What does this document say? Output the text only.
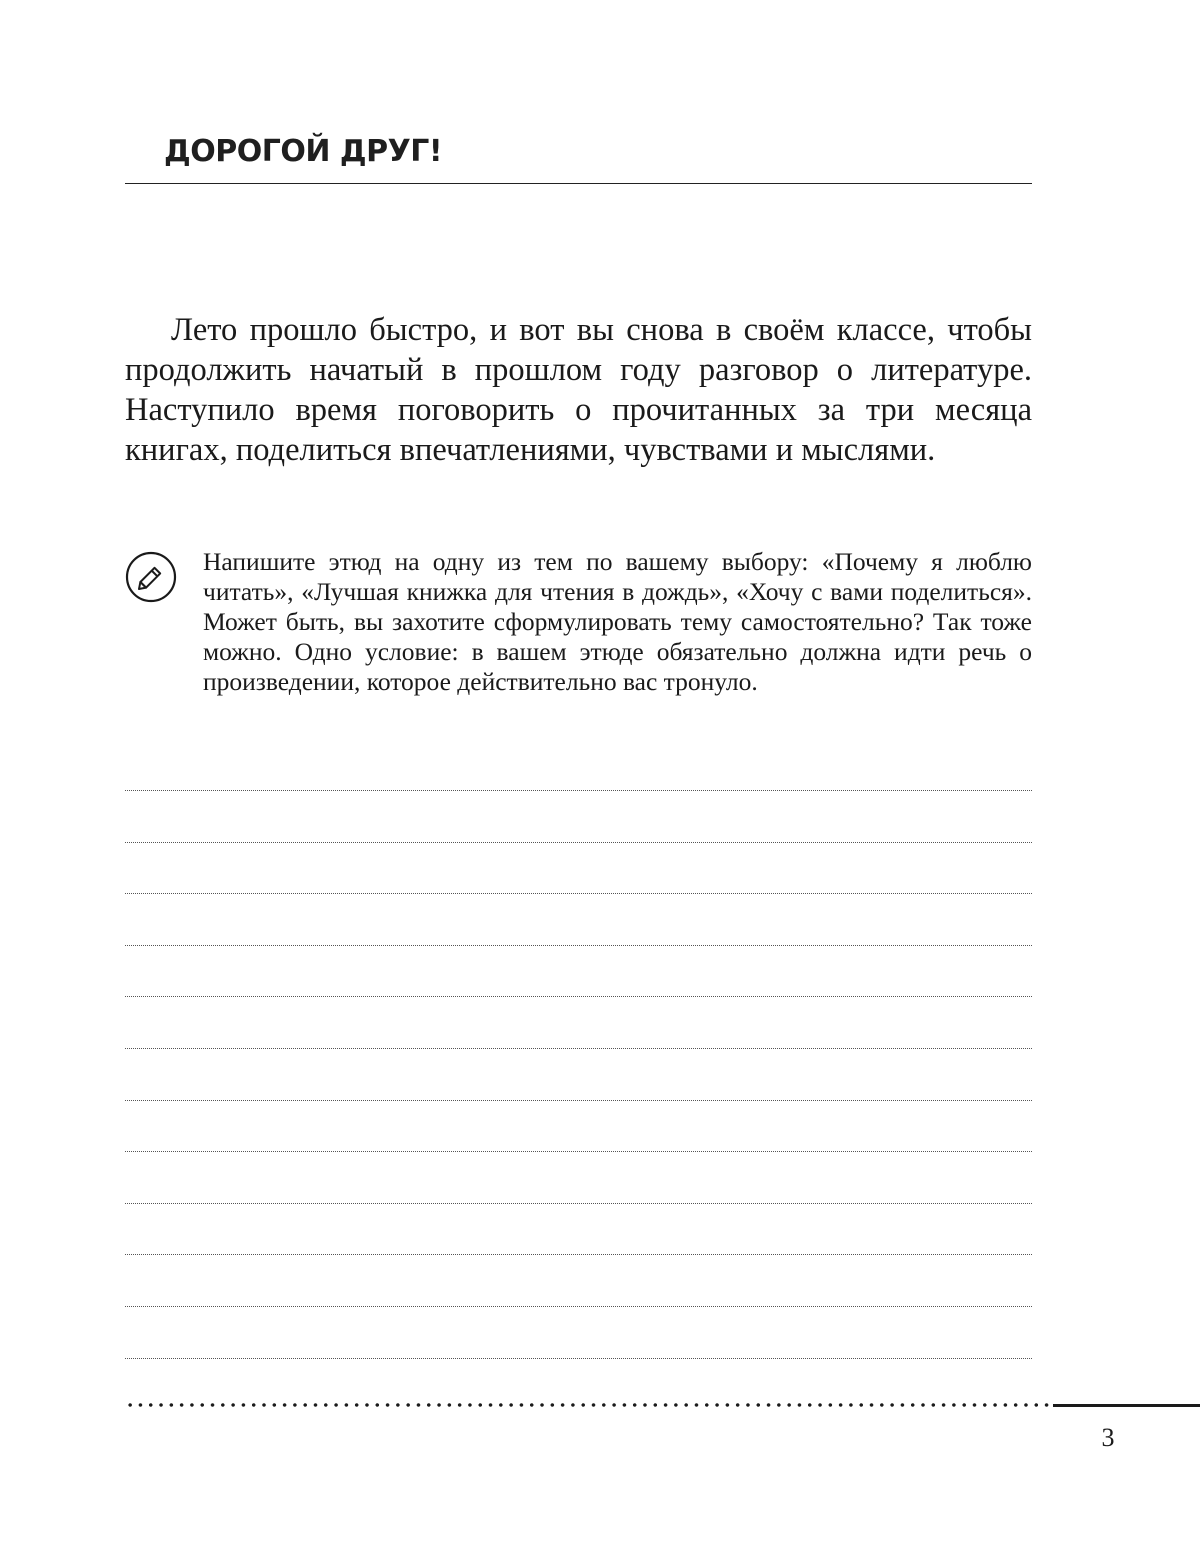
ДОРОГОЙ ДРУГ!

Лето прошло быстро, и вот вы снова в своём классе, чтобы продолжить начатый в прошлом году разговор о литературе. Наступило время поговорить о прочитанных за три месяца книгах, поделиться впечатлениями, чувствами и мыслями.

Напишите этюд на одну из тем по вашему выбору: «Почему я люблю читать», «Лучшая книжка для чтения в дождь», «Хочу с вами поделиться». Может быть, вы захотите сформулировать тему самостоятельно? Так тоже можно. Одно условие: в вашем этюде обязательно должна идти речь о произведении, которое действительно вас тронуло.

3
